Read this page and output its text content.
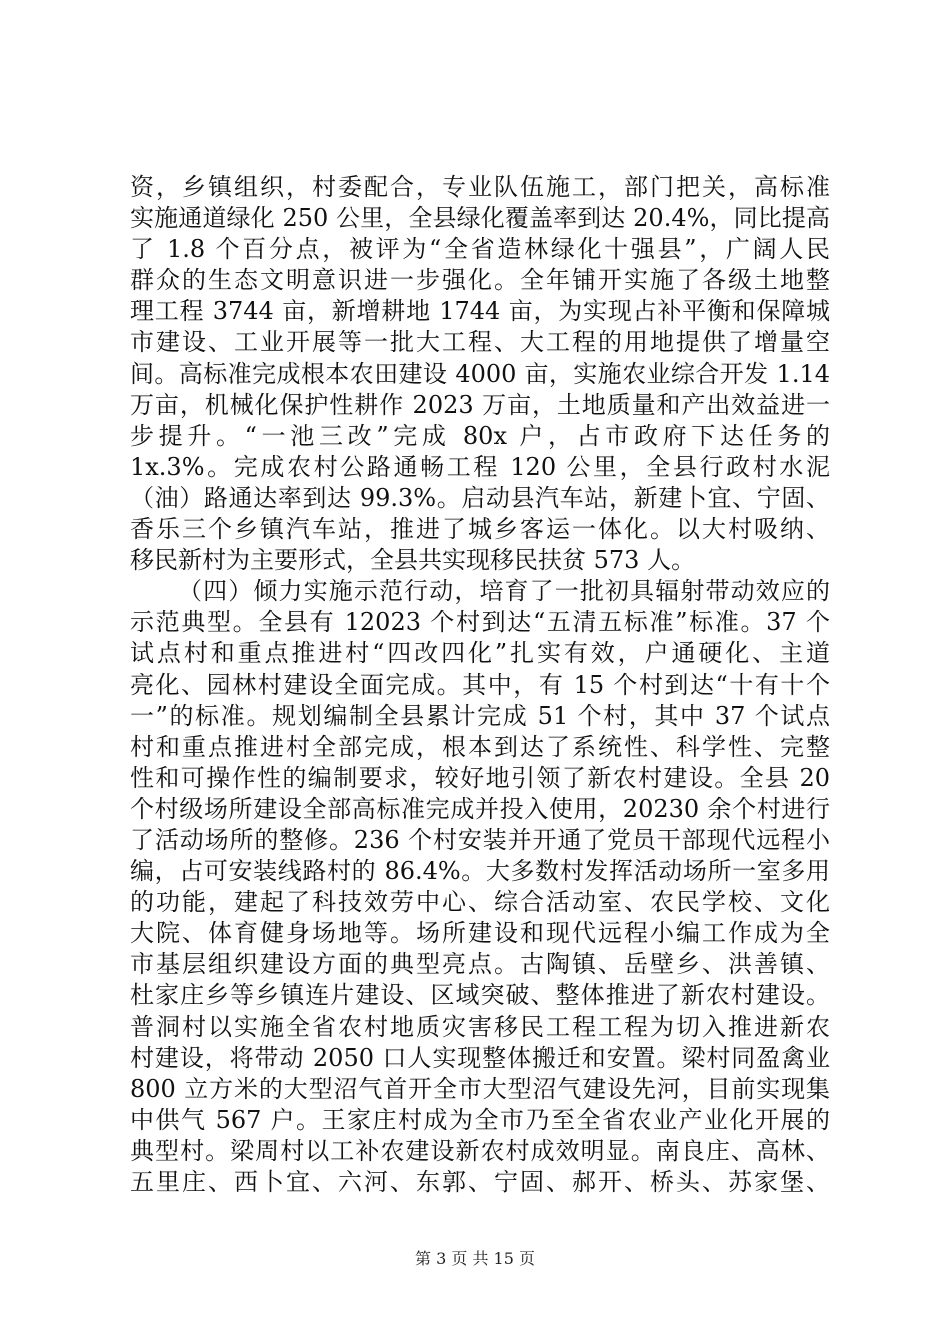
资，乡镇组织，村委配合，专业队伍施工，部门把关，高标准
实施通道绿化 250 公里，全县绿化覆盖率到达 20.4%，同比提高
了 1.8 个百分点，被评为“全省造林绿化十强县”，广阔人民
群众的生态文明意识进一步强化。全年铺开实施了各级土地整
理工程 3744 亩，新增耕地 1744 亩，为实现占补平衡和保障城
市建设、工业开展等一批大工程、大工程的用地提供了增量空
间。高标准完成根本农田建设 4000 亩，实施农业综合开发 1.14
万亩，机械化保护性耕作 2023 万亩，土地质量和产出效益进一
步提升。“一池三改”完成 80x 户，占市政府下达任务的
1x.3%。完成农村公路通畅工程 120 公里，全县行政村水泥
（油）路通达率到达 99.3%。启动县汽车站，新建卜宜、宁固、
香乐三个乡镇汽车站，推进了城乡客运一体化。以大村吸纳、
移民新村为主要形式，全县共实现移民扶贫 573 人。
（四）倾力实施示范行动，培育了一批初具辐射带动效应的
示范典型。全县有 12023 个村到达“五清五标准”标准。37 个
试点村和重点推进村“四改四化”扎实有效，户通硬化、主道
亮化、园林村建设全面完成。其中，有 15 个村到达“十有十个
一”的标准。规划编制全县累计完成 51 个村，其中 37 个试点
村和重点推进村全部完成，根本到达了系统性、科学性、完整
性和可操作性的编制要求，较好地引领了新农村建设。全县 20
个村级场所建设全部高标准完成并投入使用，20230 余个村进行
了活动场所的整修。236 个村安装并开通了党员干部现代远程小
编，占可安装线路村的 86.4%。大多数村发挥活动场所一室多用
的功能，建起了科技效劳中心、综合活动室、农民学校、文化
大院、体育健身场地等。场所建设和现代远程小编工作成为全
市基层组织建设方面的典型亮点。古陶镇、岳壁乡、洪善镇、
杜家庄乡等乡镇连片建设、区域突破、整体推进了新农村建设。
普洞村以实施全省农村地质灾害移民工程工程为切入推进新农
村建设，将带动 2050 口人实现整体搬迁和安置。梁村同盈禽业
800 立方米的大型沼气首开全市大型沼气建设先河，目前实现集
中供气 567 户。王家庄村成为全市乃至全省农业产业化开展的
典型村。梁周村以工补农建设新农村成效明显。南良庄、高林、
五里庄、西卜宜、六河、东郭、宁固、郝开、桥头、苏家堡、
第 3 页 共 15 页
